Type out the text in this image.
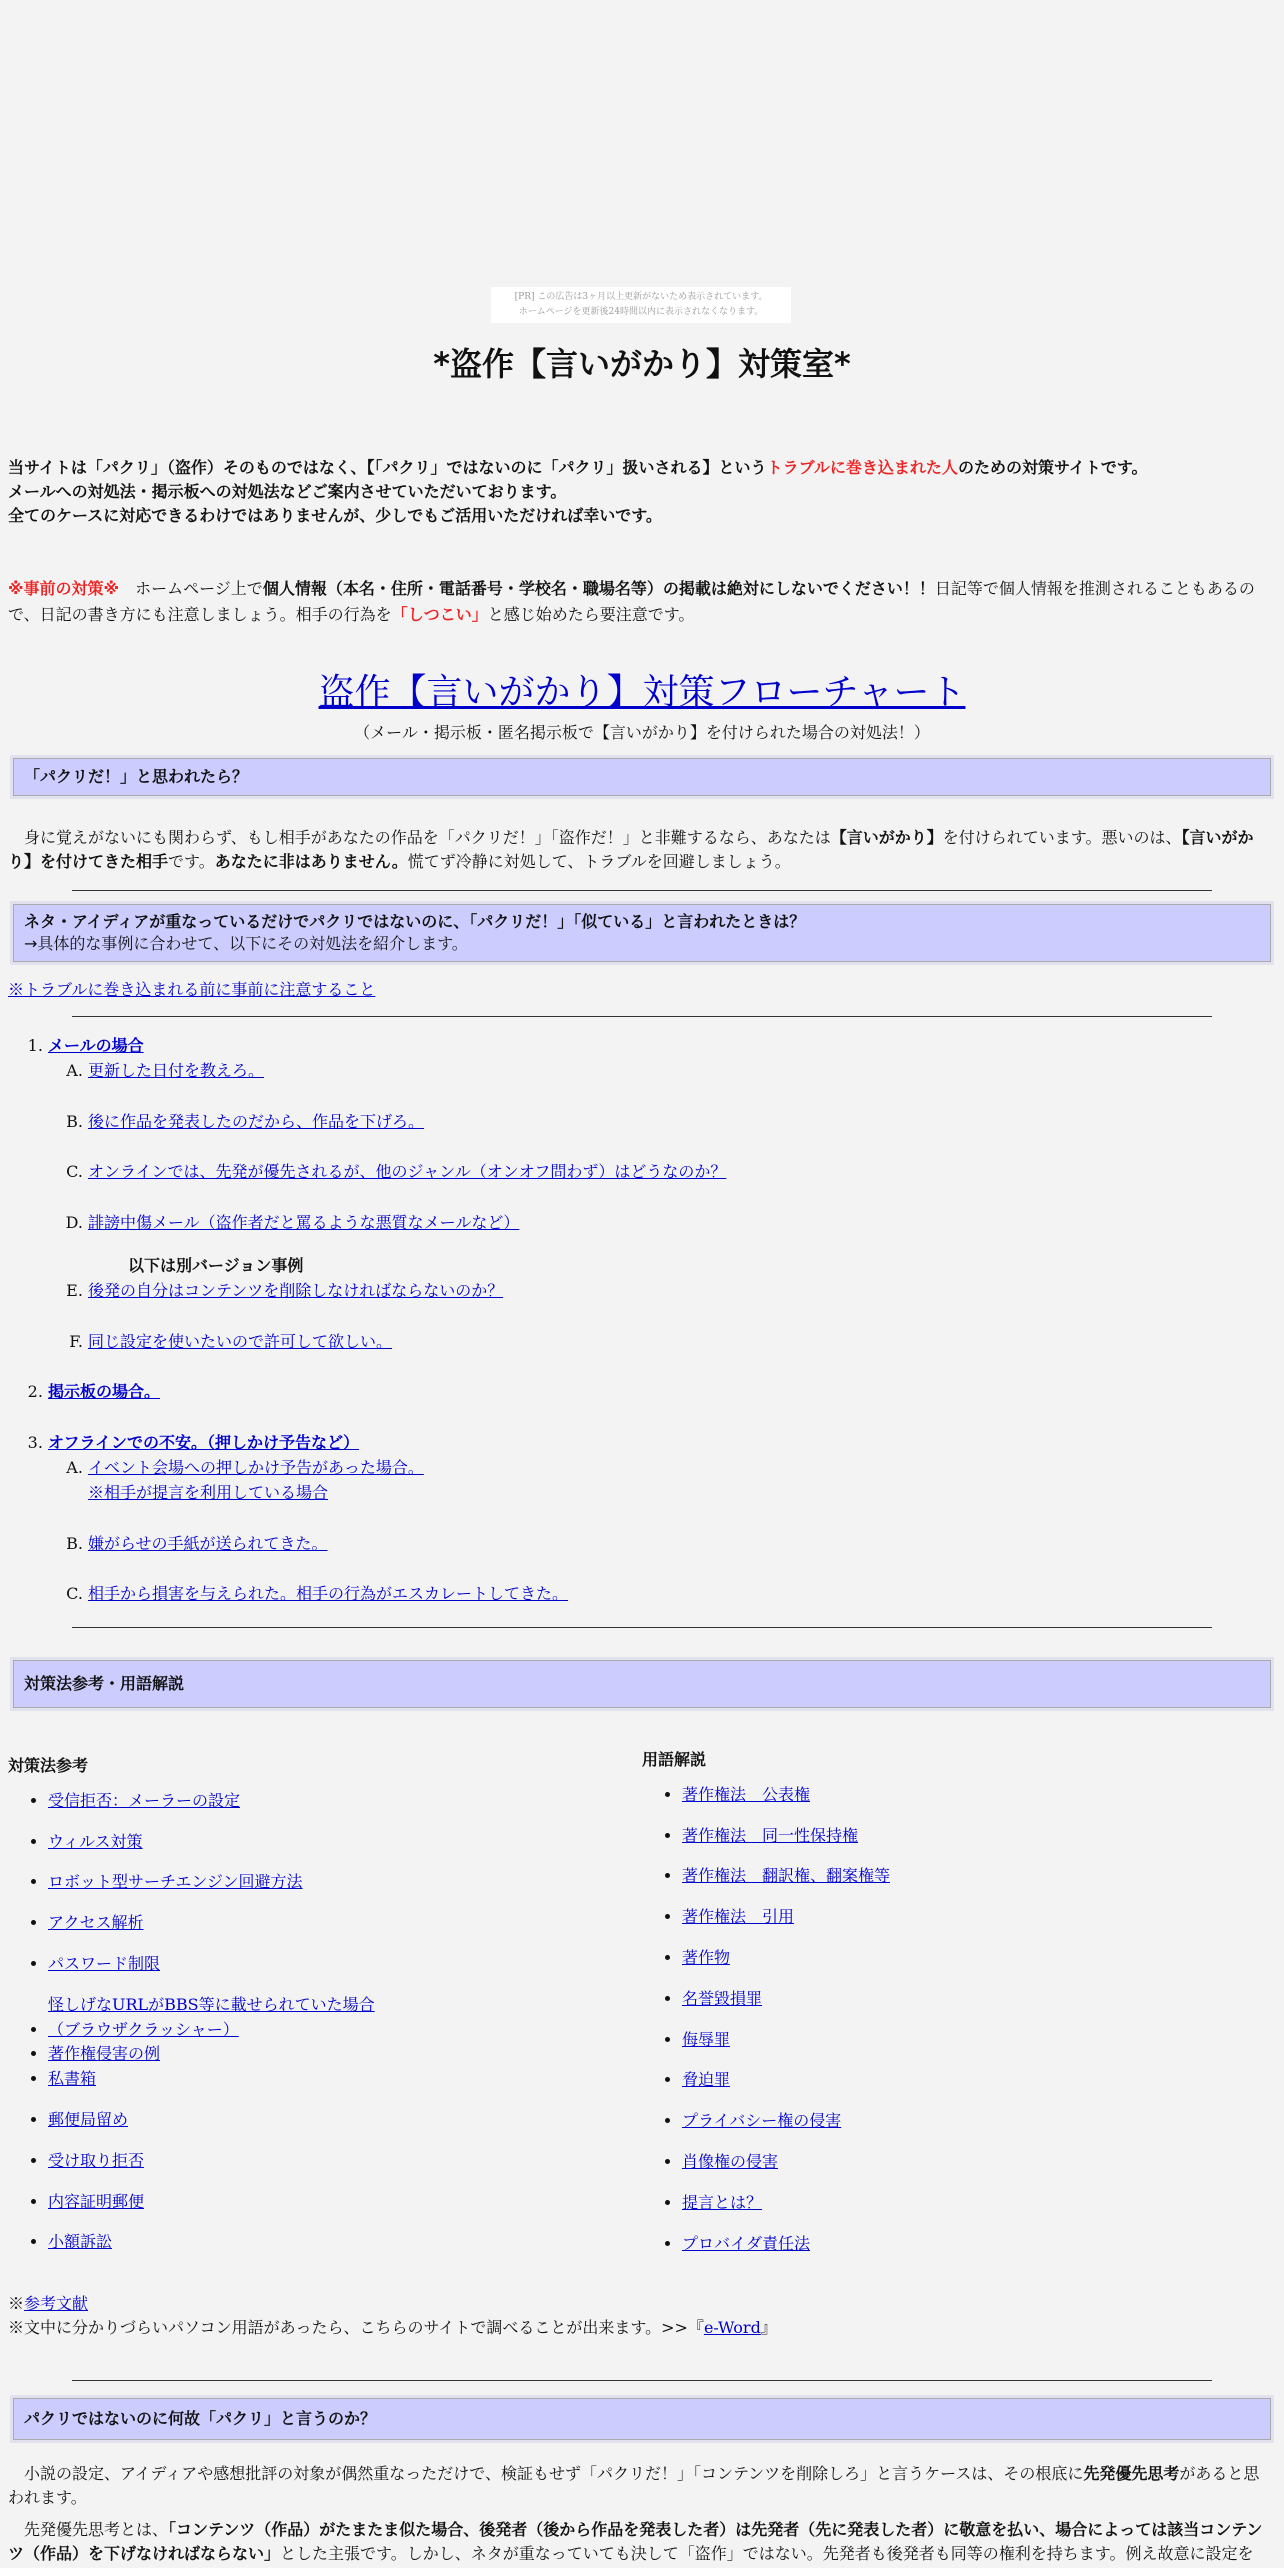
[PR] この広告は3ヶ月以上更新がないため表示されています。
ホームページを更新後24時間以内に表示されなくなります。
*盗作【言いがかり】対策室*
当サイトは「パクリ」（盗作）そのものではなく、【「パクリ」ではないのに「パクリ」扱いされる】というトラブルに巻き込まれた人のための対策サイトです。
メールへの対処法・掲示板への対処法などご案内させていただいております。
全てのケースに対応できるわけではありませんが、少しでもご活用いただければ幸いです。
※事前の対策※　ホームページ上で個人情報（本名・住所・電話番号・学校名・職場名等）の掲載は絶対にしないでください！！日記等で個人情報を推測されることもあるので、日記の書き方にも注意しましょう。相手の行為を「しつこい」と感じ始めたら要注意です。
盗作【言いがかり】対策フローチャート
（メール・掲示板・匿名掲示板で【言いがかり】を付けられた場合の対処法！）
「パクリだ！」と思われたら？
　身に覚えがないにも関わらず、もし相手があなたの作品を「パクリだ！」「盗作だ！」と非難するなら、あなたは【言いがかり】を付けられています。悪いのは、【言いがかり】を付けてきた相手です。あなたに非はありません。慌てず冷静に対処して、トラブルを回避しましょう。
ネタ・アイディアが重なっているだけでパクリではないのに、「パクリだ！」「似ている」と言われたときは？
→具体的な事例に合わせて、以下にその対処法を紹介します。
※トラブルに巻き込まれる前に事前に注意すること
1. メールの場合
A. 更新した日付を教えろ。
B. 後に作品を発表したのだから、作品を下げろ。
C. オンラインでは、先発が優先されるが、他のジャンル（オンオフ問わず）はどうなのか？
D. 誹謗中傷メール（盗作者だと罵るような悪質なメールなど）
以下は別バージョン事例
E. 後発の自分はコンテンツを削除しなければならないのか？
F. 同じ設定を使いたいので許可して欲しい。
2. 掲示板の場合。
3. オフラインでの不安。（押しかけ予告など）
A. イベント会場への押しかけ予告があった場合。
※相手が提言を利用している場合
B. 嫌がらせの手紙が送られてきた。
C. 相手から損害を与えられた。相手の行為がエスカレートしてきた。
対策法参考・用語解説
対策法参考
• 受信拒否：メーラーの設定
• ウィルス対策
• ロボット型サーチエンジン回避方法
• アクセス解析
• パスワード制限
• 怪しげなURLがBBS等に載せられていた場合（ブラウザクラッシャー）
• 著作権侵害の例
• 私書箱
• 郵便局留め
• 受け取り拒否
• 内容証明郵便
• 小額訴訟
用語解説
• 著作権法　公表権
• 著作権法　同一性保持権
• 著作権法　翻訳権、翻案権等
• 著作権法　引用
• 著作物
• 名誉毀損罪
• 侮辱罪
• 脅迫罪
• プライバシー権の侵害
• 肖像権の侵害
• 提言とは？
• プロバイダ責任法
※参考文献
※文中に分かりづらいパソコン用語があったら、こちらのサイトで調べることが出来ます。>>『e-Word』
パクリではないのに何故「パクリ」と言うのか？
　小説の設定、アイディアや感想批評の対象が偶然重なっただけで、検証もせず「パクリだ！」「コンテンツを削除しろ」と言うケースは、その根底に先発優先思考があると思われます。
　先発優先思考とは、「コンテンツ（作品）がたまたま似た場合、後発者（後から作品を発表した者）は先発者（先に発表した者）に敬意を払い、場合によっては該当コンテンツ（作品）を下げなければならない」とした主張です。しかし、ネタが重なっていても決して「盗作」ではない。先発者も後発者も同等の権利を持ちます。例え故意に設定を
